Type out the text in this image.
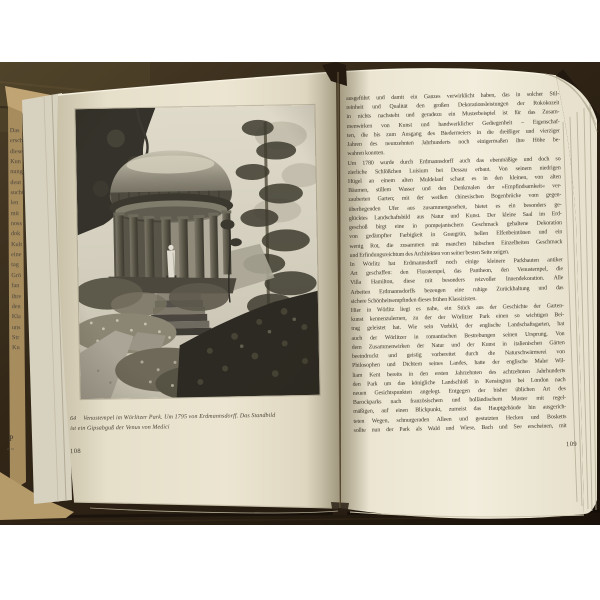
64 Venustempel im Wörlitzer Park. Um 1795 von Erdmannsdorff. Das Standbild
ist ein Gipsabguß der Venus von Medici
108
109
ausgeführt und damit ein Ganzes verwirklicht haben, das in solcher Stil-
reinheit und Qualität den großen Dekorationsleistungen der Rokokozeit
in nichts nachsteht und geradezu ein Musterbeispiel ist für das Zusam-
menwirken von Kunst und handwerklicher Gediegenheit – Eigenschaf-
ten, die bis zum Ausgang des Biedermeiers in die dreißiger und vierziger
Jahren des neunzehnten Jahrhunderts noch einigermaßen ihre Höhe be-
wahren konnten.
Um 1780 wurde durch Erdmannsdorff auch das ebenmäßige und doch so
zierliche Schlößchen Luisium bei Dessau erbaut. Von seinem niedrigen
Hügel an einem alten Muldelauf schaut es in den kleinen, von alten
Bäumen, stillem Wasser und den Denkmalen der »Empfindsamkeit« ver-
zauberten Garten; mit der weißen chinesischen Bogenbrücke vom gegen-
überliegenden Ufer aus zusammengesehen, bietet es ein besonders ge-
glücktes Landschaftsbild aus Natur und Kunst. Der kleine Saal im Erd-
geschoß birgt eine in pompejanischem Geschmack gehaltene Dekoration
von gedämpfter Farbigkeit in Graugrün, hellen Elfenbeintönen und ein
wenig Rot, die zusammen mit manchen hübschen Einzelheiten Geschmack
und Erfindungsreichtum des Architekten von seiner besten Seite zeigen.
In Wörlitz hat Erdmannsdorff noch einige kleinere Parkbauten antiker
Art geschaffen: den Floratempel, das Pantheon, den Venustempel, die
Villa Hamilton, diese mit besonders reizvoller Innendekoration. Alle
Arbeiten Erdmannsdorffs bezeugen eine ruhige Zurückhaltung und das
sichere Schönheitsempfinden dieses frühen Klassizisten.
Hier in Wörlitz liegt es nahe, ein Stück aus der Geschichte der Garten-
kunst kennenzulernen, zu der der Wörlitzer Park einen so wichtigen Bei-
trag geleistet hat. Wie sein Vorbild, der englische Landschaftsgarten, hat
auch der Wörlitzer in romantischen Bestrebungen seinen Ursprung. Von
dem Zusammenwirken der Natur und der Kunst in italienischen Gärten
beeindruckt und geistig vorbereitet durch die Naturschwärmerei von
Philosophen und Dichtern seines Landes, hatte der englische Maler Wil-
liam Kent bereits in den ersten Jahrzehnten des achtzehnten Jahrhunderts
den Park um das königliche Landschloß in Kensington bei London nach
neuen Gesichtspunkten angelegt. Entgegen der bisher üblichen Art des
Barockparks nach französischem und holländischem Muster mit regel-
mäßigen, auf einen Blickpunkt, zumeist das Hauptgebäude hin ausgerich-
teten Wegen, schnurgeraden Alleen und gestutzten Hecken und Bosketts
sollte nun der Park als Wald und Wiese, Bach und See erscheinen, mit
Das
ersch
diese
Kun
nung
deut
sucht
len
mit
noss
dok
Kult
eine
tag
Grö
fan
ihre
den
Kla
uns
Str
Ku
P
z u
